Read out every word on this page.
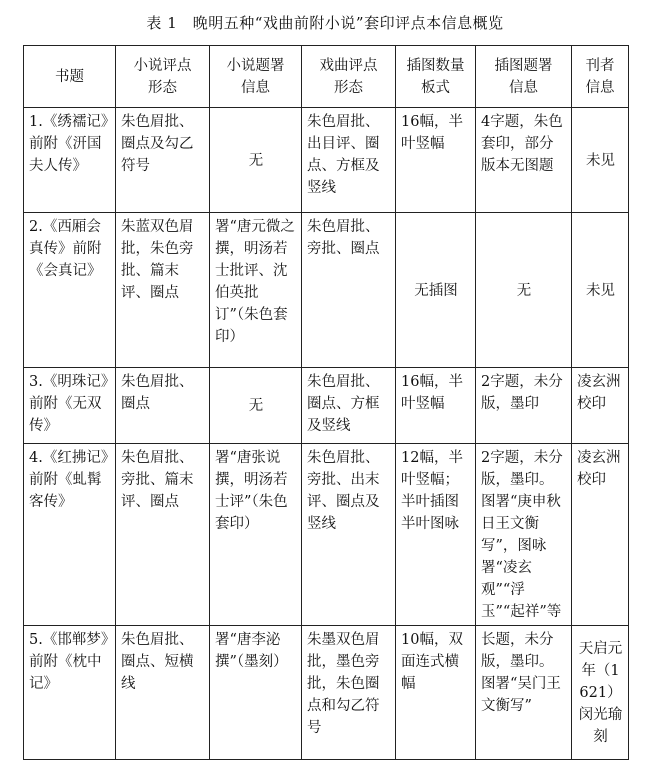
表 1　晚明五种“戏曲前附小说”套印评点本信息概览
书题	小说评点形态	小说题署信息	戏曲评点形态	插图数量板式	插图题署信息	刊者信息

1.《绣襦记》前附《汧国夫人传》	朱色眉批、圈点及勾乙符号	无	朱色眉批、出目评、圈点、方框及竖线	16幅，半叶竖幅	4字题，朱色套印，部分版本无图题	未见
2.《西厢会真传》前附《会真记》	朱蓝双色眉批，朱色旁批、篇末评、圈点	署“唐元微之撰，明汤若士批评、沈伯英批订”（朱色套印）	朱色眉批、旁批、圈点	无插图	无	未见
3.《明珠记》前附《无双传》	朱色眉批、圈点	无	朱色眉批、圈点、方框及竖线	16幅，半叶竖幅	2字题，未分版，墨印	凌玄洲校印
4.《红拂记》前附《虬髯客传》	朱色眉批、旁批、篇末评、圈点	署“唐张说撰，明汤若士评”（朱色套印）	朱色眉批、旁批、出末评、圈点及竖线	12幅，半叶竖幅；半叶插图半叶图咏	2字题，未分版，墨印。图署“庚申秋日王文衡写”，图咏署“凌玄观”“浮玉”“起祥”等	凌玄洲校印
5.《邯郸梦》前附《枕中记》	朱色眉批、圈点、短横线	署“唐李泌撰”（墨刻）	朱墨双色眉批，墨色旁批，朱色圈点和勾乙符号	10幅，双面连式横幅	长题，未分版，墨印。图署“吴门王文衡写”	天启元年（1621）闵光瑜刻
